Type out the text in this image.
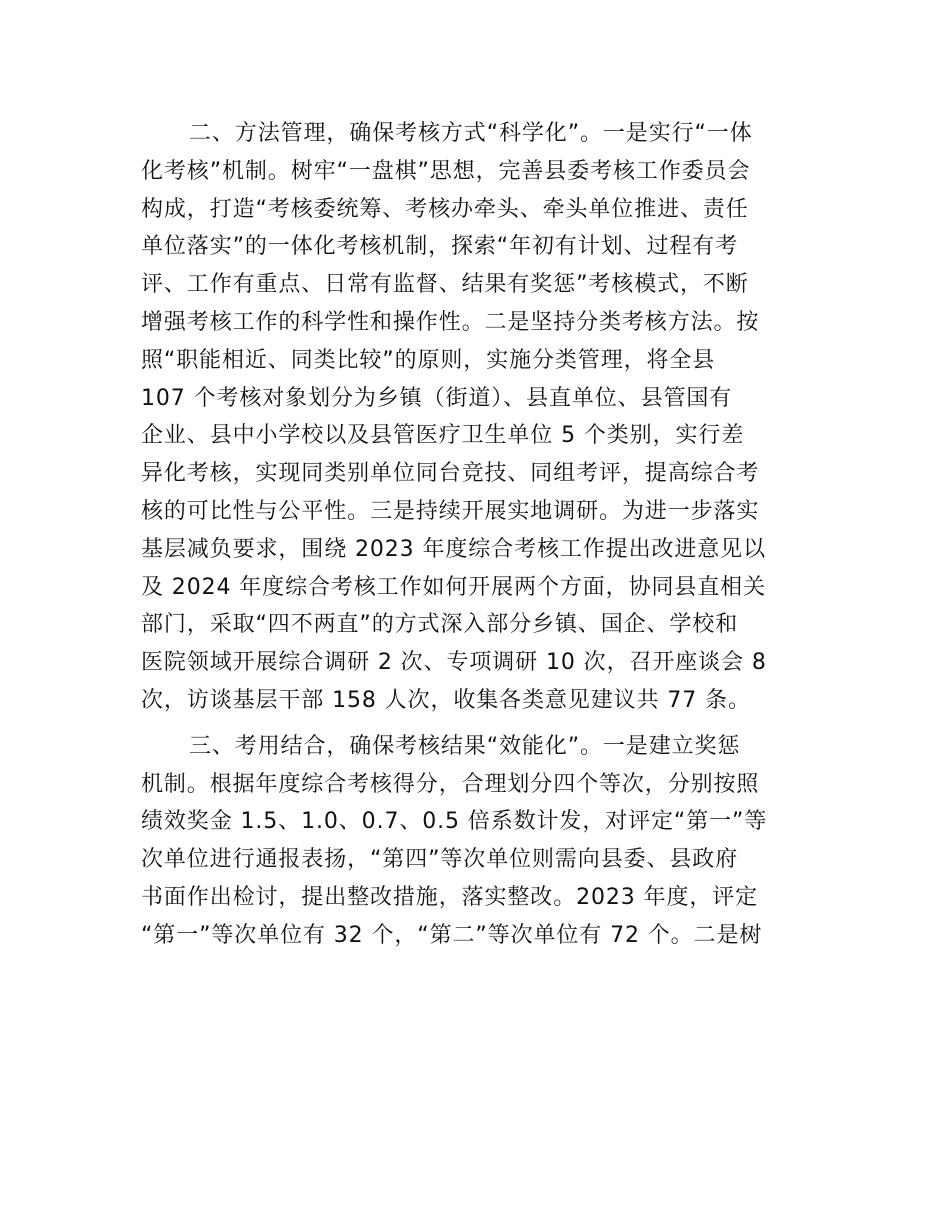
二、方法管理，确保考核方式“科学化”。一是实行“一体
化考核”机制。树牢“一盘棋”思想，完善县委考核工作委员会
构成，打造“考核委统筹、考核办牵头、牵头单位推进、责任
单位落实”的一体化考核机制，探索“年初有计划、过程有考
评、工作有重点、日常有监督、结果有奖惩”考核模式，不断
增强考核工作的科学性和操作性。二是坚持分类考核方法。按
照“职能相近、同类比较”的原则，实施分类管理，将全县
107 个考核对象划分为乡镇（街道）、县直单位、县管国有
企业、县中小学校以及县管医疗卫生单位 5 个类别，实行差
异化考核，实现同类别单位同台竞技、同组考评，提高综合考
核的可比性与公平性。三是持续开展实地调研。为进一步落实
基层减负要求，围绕 2023 年度综合考核工作提出改进意见以
及 2024 年度综合考核工作如何开展两个方面，协同县直相关
部门，采取“四不两直”的方式深入部分乡镇、国企、学校和
医院领域开展综合调研 2 次、专项调研 10 次，召开座谈会 8
次，访谈基层干部 158 人次，收集各类意见建议共 77 条。

三、考用结合，确保考核结果“效能化”。一是建立奖惩
机制。根据年度综合考核得分，合理划分四个等次，分别按照
绩效奖金 1.5、1.0、0.7、0.5 倍系数计发，对评定“第一”等
次单位进行通报表扬，“第四”等次单位则需向县委、县政府
书面作出检讨，提出整改措施，落实整改。2023 年度，评定
“第一”等次单位有 32 个，“第二”等次单位有 72 个。二是树
